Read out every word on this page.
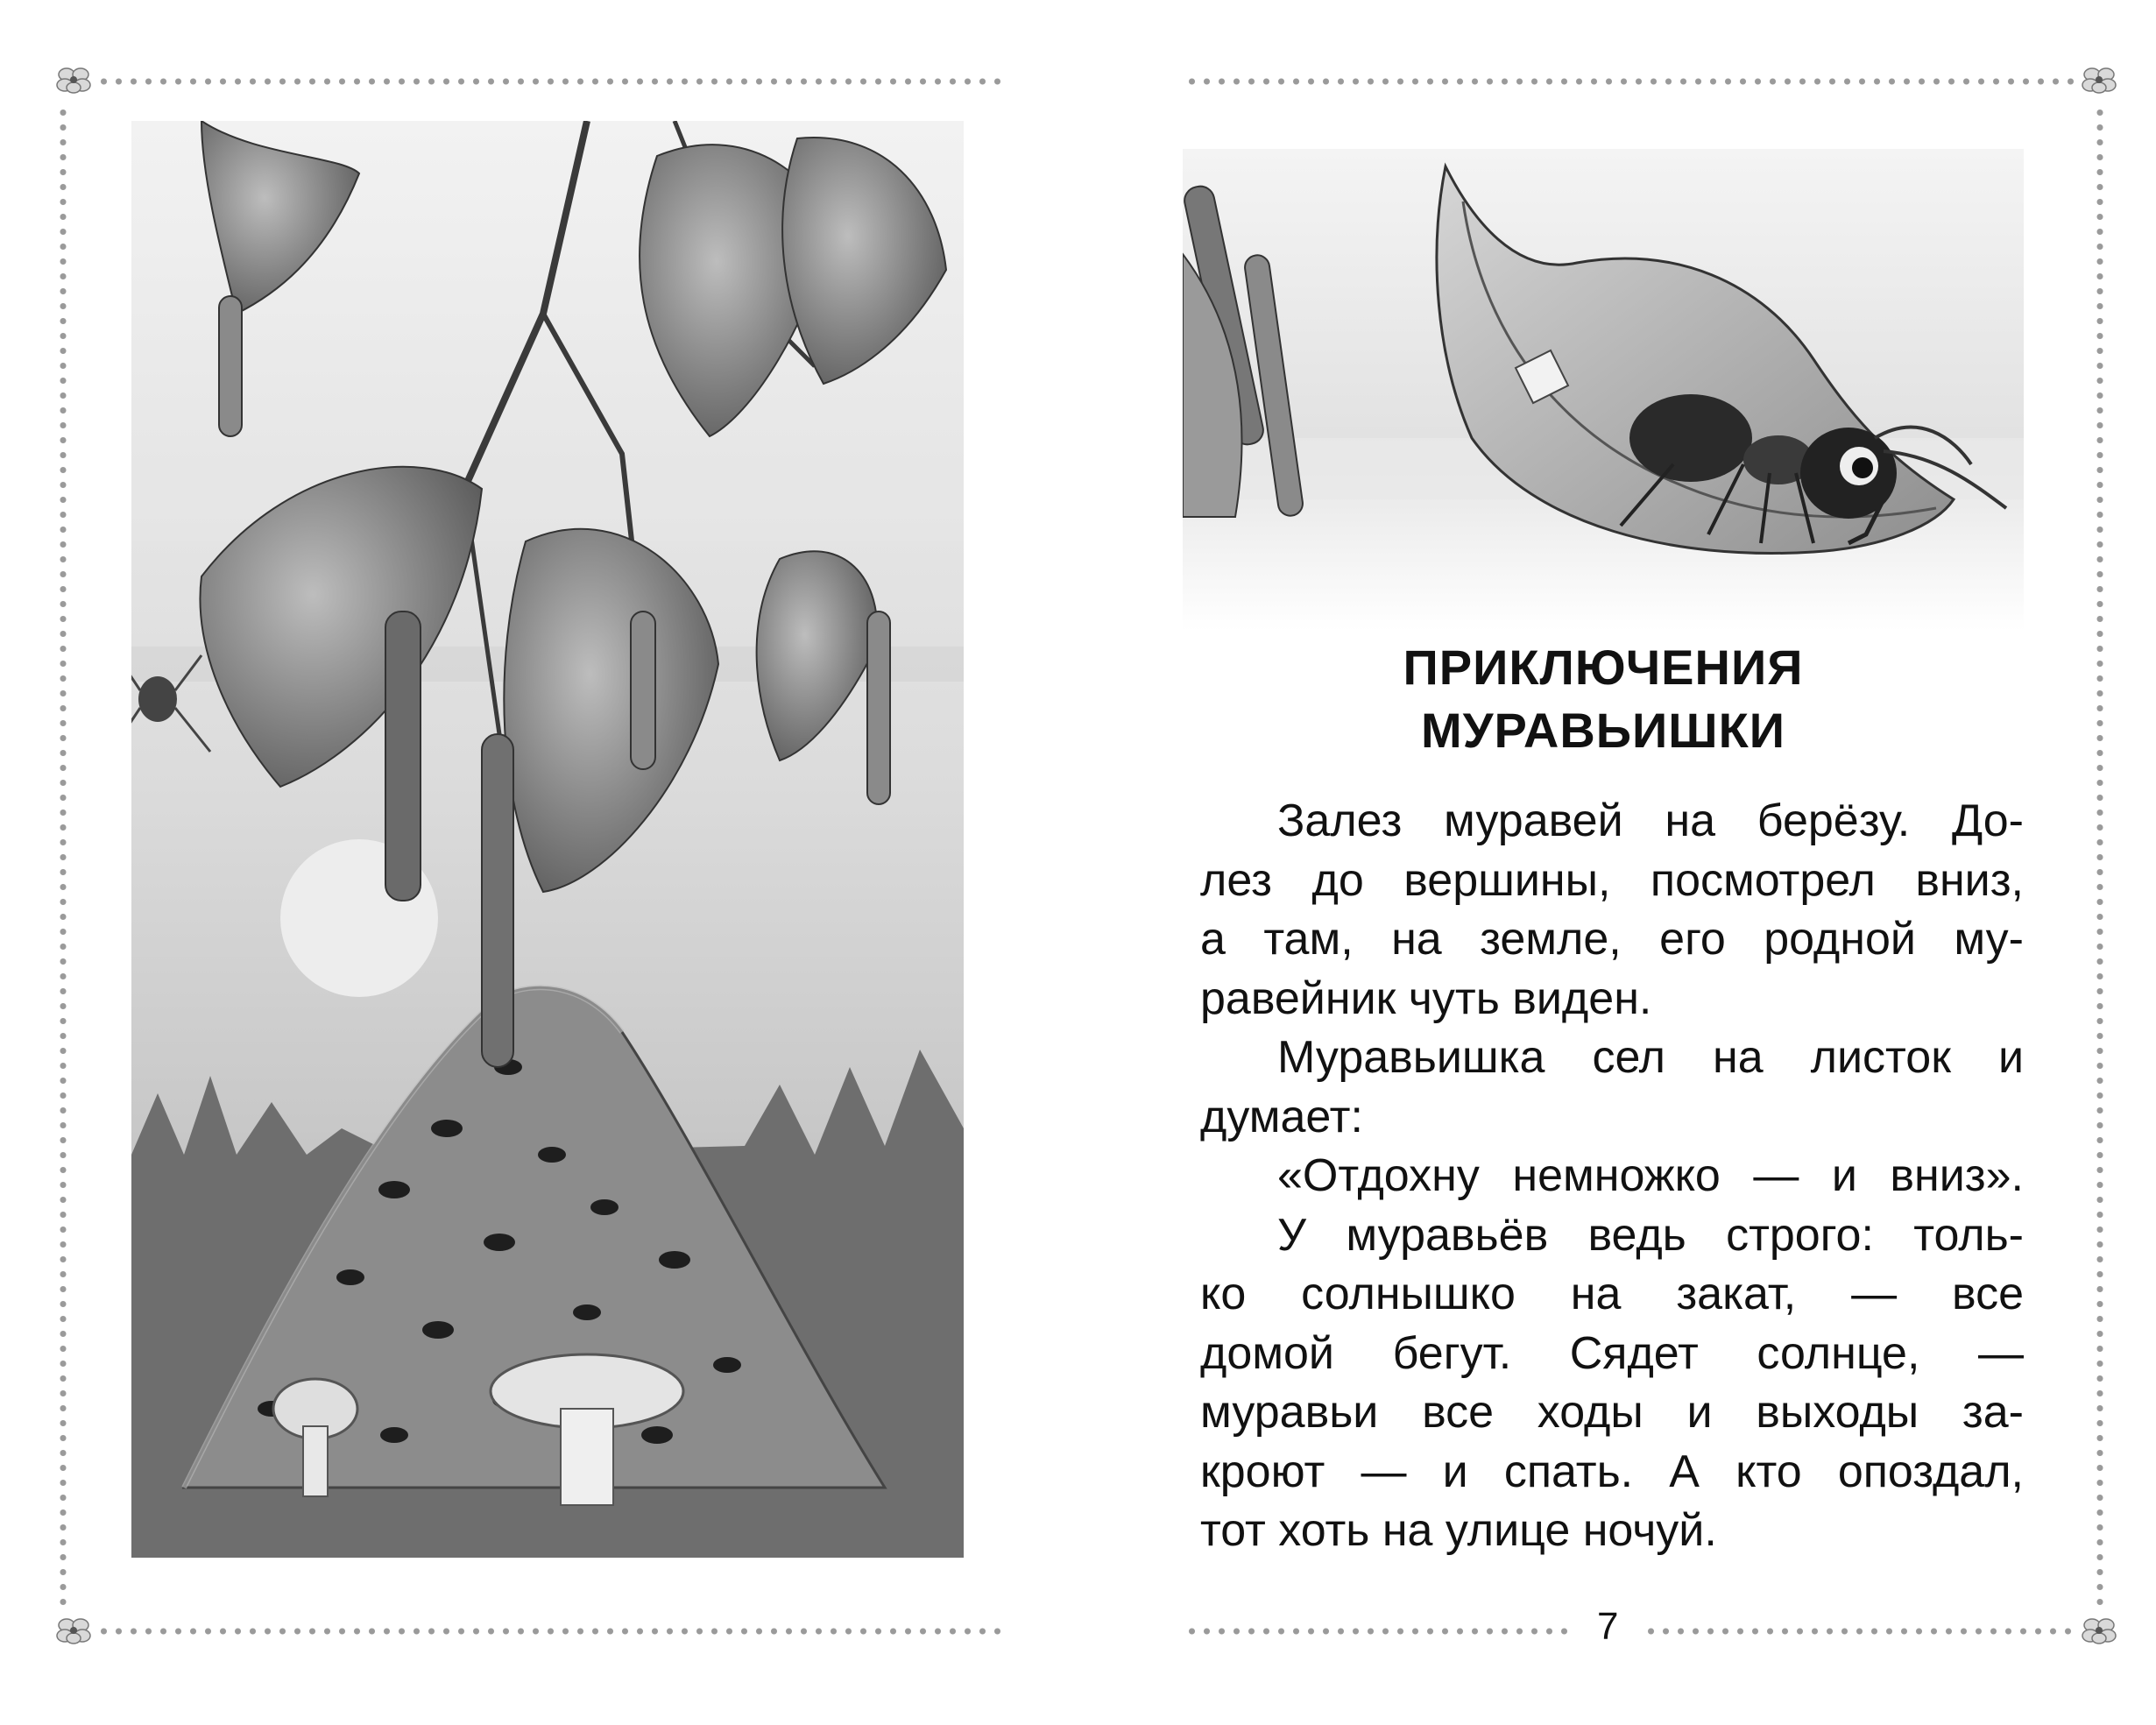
ПРИКЛЮЧЕНИЯ
МУРАВЬИШКИ
Залез муравей на берёзу. До-
лез до вершины, посмотрел вниз,
а там, на земле, его родной му-
равейник чуть виден.
Муравьишка сел на листок и
думает:
«Отдохну немножко — и вниз».
У муравьёв ведь строго: толь-
ко солнышко на закат, — все
домой бегут. Сядет солнце, —
муравьи все ходы и выходы за-
кроют — и спать. А кто опоздал,
тот хоть на улице ночуй.
7
